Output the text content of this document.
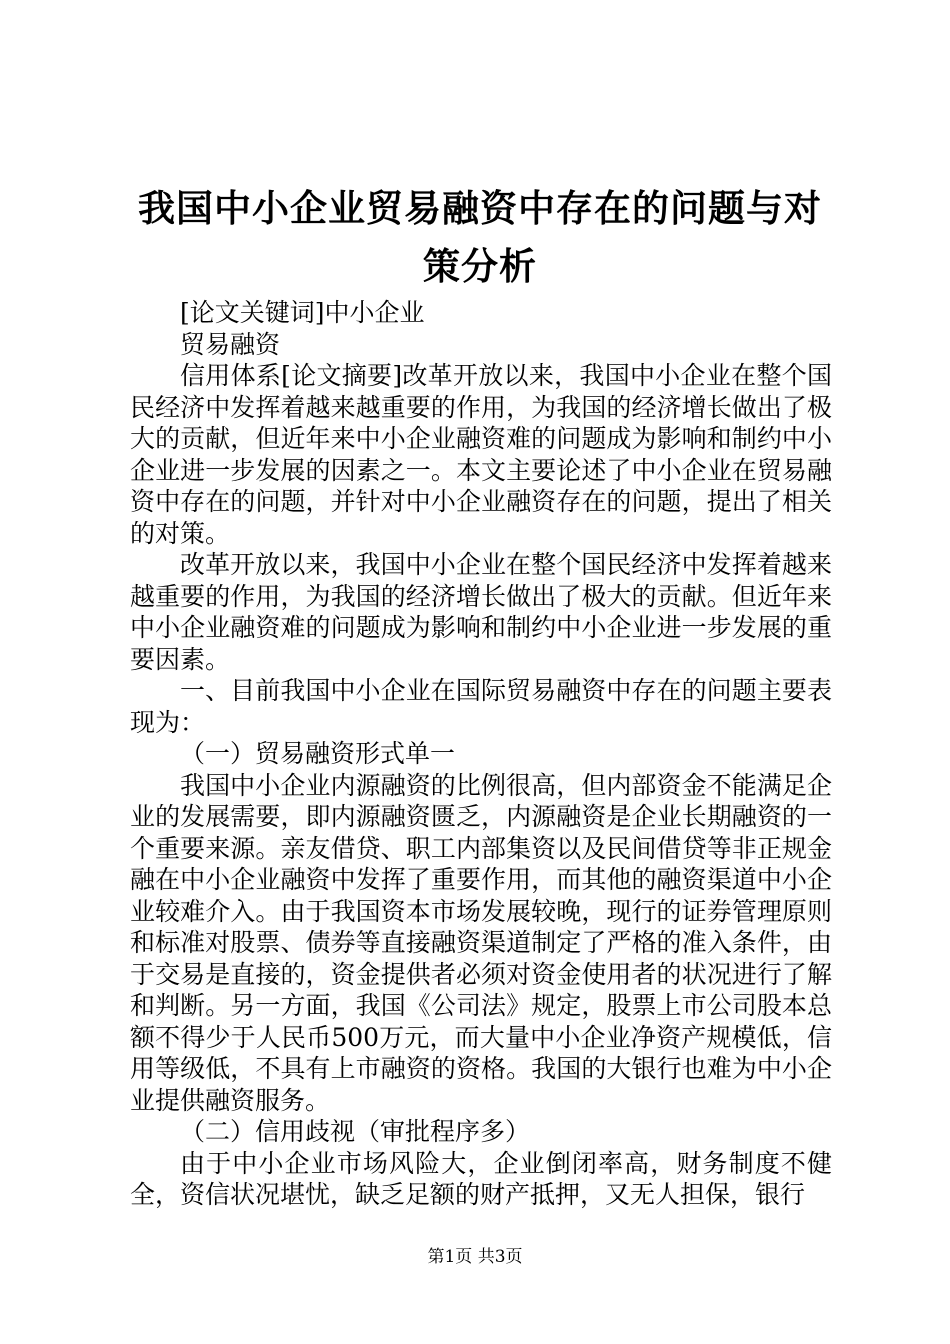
我国中小企业贸易融资中存在的问题与对策分析

[论文关键词]中小企业

贸易融资

信用体系[论文摘要]改革开放以来，我国中小企业在整个国民经济中发挥着越来越重要的作用，为我国的经济增长做出了极大的贡献，但近年来中小企业融资难的问题成为影响和制约中小企业进一步发展的因素之一。本文主要论述了中小企业在贸易融资中存在的问题，并针对中小企业融资存在的问题，提出了相关的对策。

改革开放以来，我国中小企业在整个国民经济中发挥着越来越重要的作用，为我国的经济增长做出了极大的贡献。但近年来中小企业融资难的问题成为影响和制约中小企业进一步发展的重要因素。

一、目前我国中小企业在国际贸易融资中存在的问题主要表现为：

（一）贸易融资形式单一

我国中小企业内源融资的比例很高，但内部资金不能满足企业的发展需要，即内源融资匮乏，内源融资是企业长期融资的一个重要来源。亲友借贷、职工内部集资以及民间借贷等非正规金融在中小企业融资中发挥了重要作用，而其他的融资渠道中小企业较难介入。由于我国资本市场发展较晚，现行的证券管理原则和标准对股票、债券等直接融资渠道制定了严格的准入条件，由于交易是直接的，资金提供者必须对资金使用者的状况进行了解和判断。另一方面，我国《公司法》规定，股票上市公司股本总额不得少于人民币500万元，而大量中小企业净资产规模低，信用等级低，不具有上市融资的资格。我国的大银行也难为中小企业提供融资服务。

（二）信用歧视（审批程序多）

由于中小企业市场风险大，企业倒闭率高，财务制度不健全，资信状况堪忧，缺乏足额的财产抵押，又无人担保，银行

第1页 共3页
